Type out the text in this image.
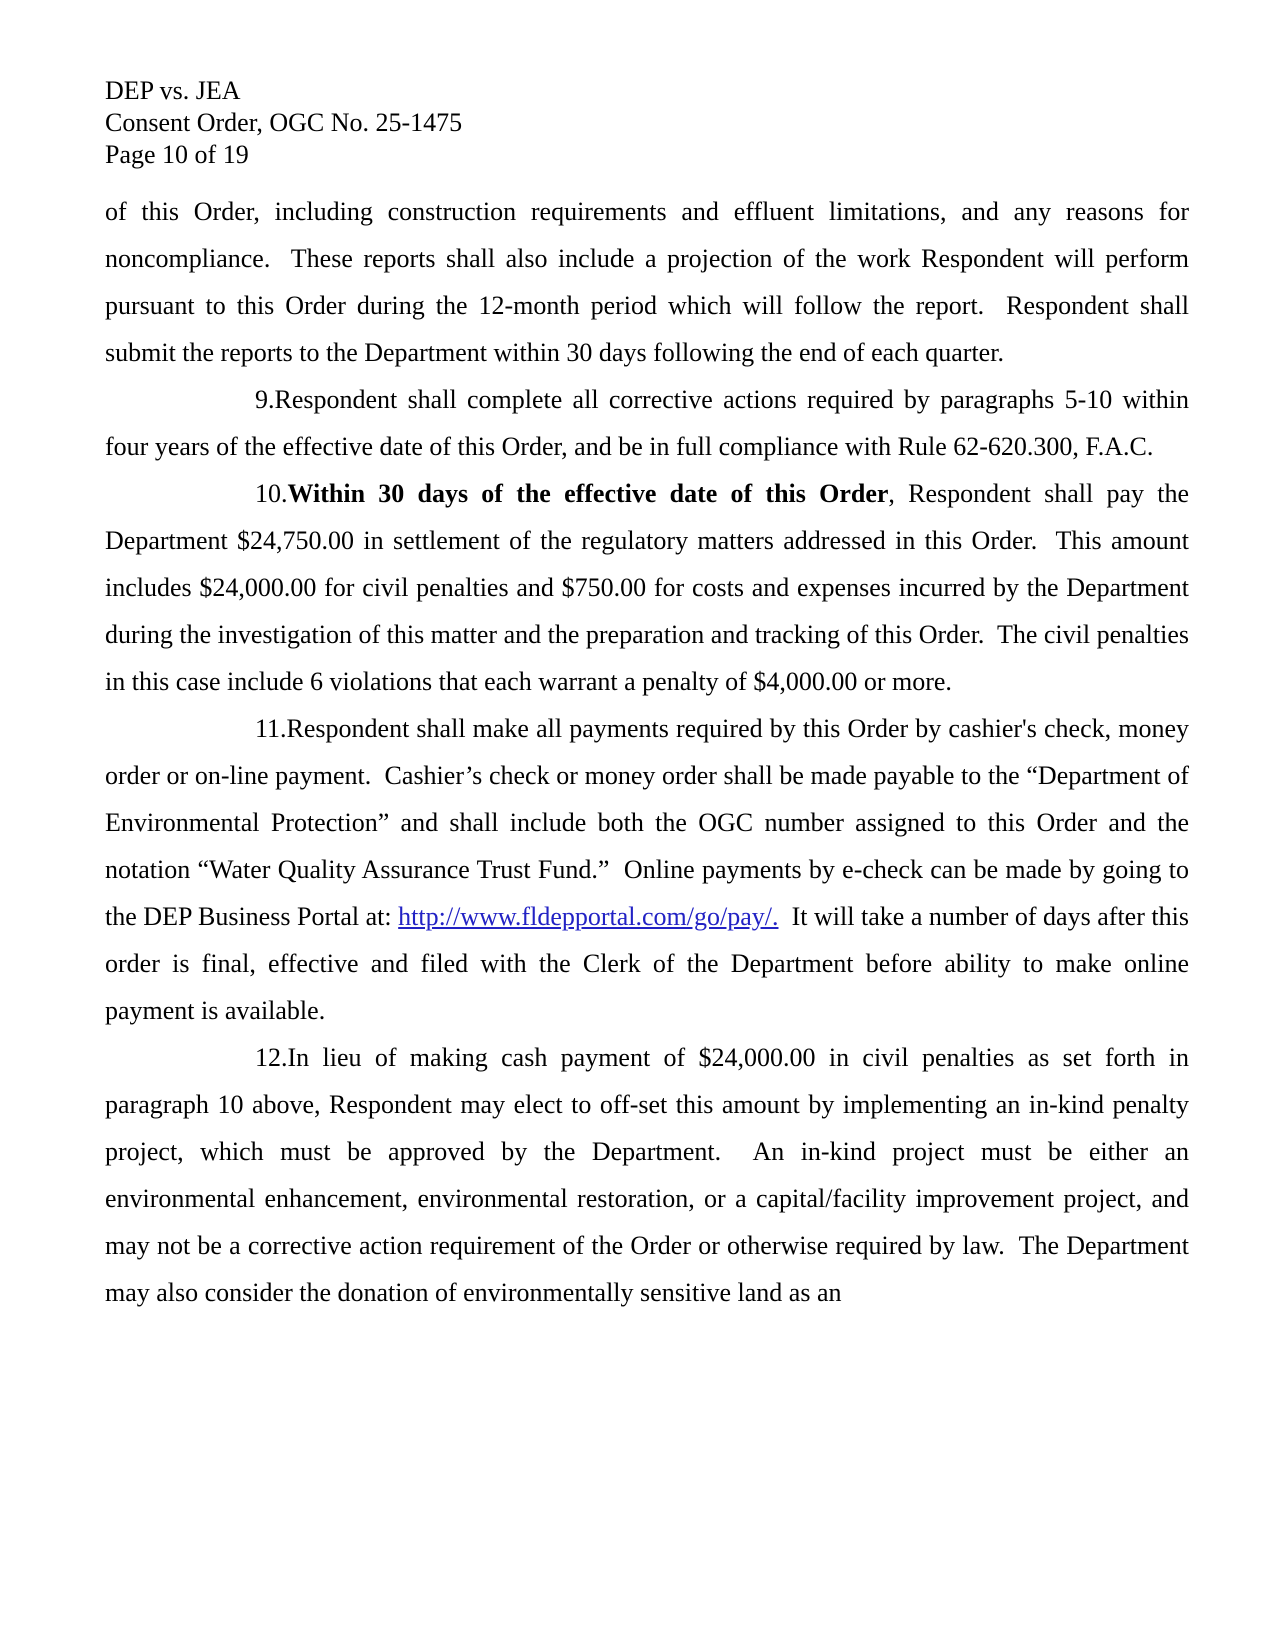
DEP vs. JEA
Consent Order, OGC No. 25-1475
Page 10 of 19

of this Order, including construction requirements and effluent limitations, and any reasons for noncompliance.  These reports shall also include a projection of the work Respondent will perform pursuant to this Order during the 12-month period which will follow the report.  Respondent shall submit the reports to the Department within 30 days following the end of each quarter.

9.Respondent shall complete all corrective actions required by paragraphs 5-10 within four years of the effective date of this Order, and be in full compliance with Rule 62-620.300, F.A.C.

10.Within 30 days of the effective date of this Order, Respondent shall pay the Department $24,750.00 in settlement of the regulatory matters addressed in this Order.  This amount includes $24,000.00 for civil penalties and $750.00 for costs and expenses incurred by the Department during the investigation of this matter and the preparation and tracking of this Order.  The civil penalties in this case include 6 violations that each warrant a penalty of $4,000.00 or more.

11.Respondent shall make all payments required by this Order by cashier's check, money order or on-line payment.  Cashier’s check or money order shall be made payable to the “Department of Environmental Protection” and shall include both the OGC number assigned to this Order and the notation “Water Quality Assurance Trust Fund.”  Online payments by e-check can be made by going to the DEP Business Portal at: http://www.fldepportal.com/go/pay/.  It will take a number of days after this order is final, effective and filed with the Clerk of the Department before ability to make online payment is available.

12.In lieu of making cash payment of $24,000.00 in civil penalties as set forth in paragraph 10 above, Respondent may elect to off-set this amount by implementing an in-kind penalty project, which must be approved by the Department.  An in-kind project must be either an environmental enhancement, environmental restoration, or a capital/facility improvement project, and may not be a corrective action requirement of the Order or otherwise required by law.  The Department may also consider the donation of environmentally sensitive land as an
